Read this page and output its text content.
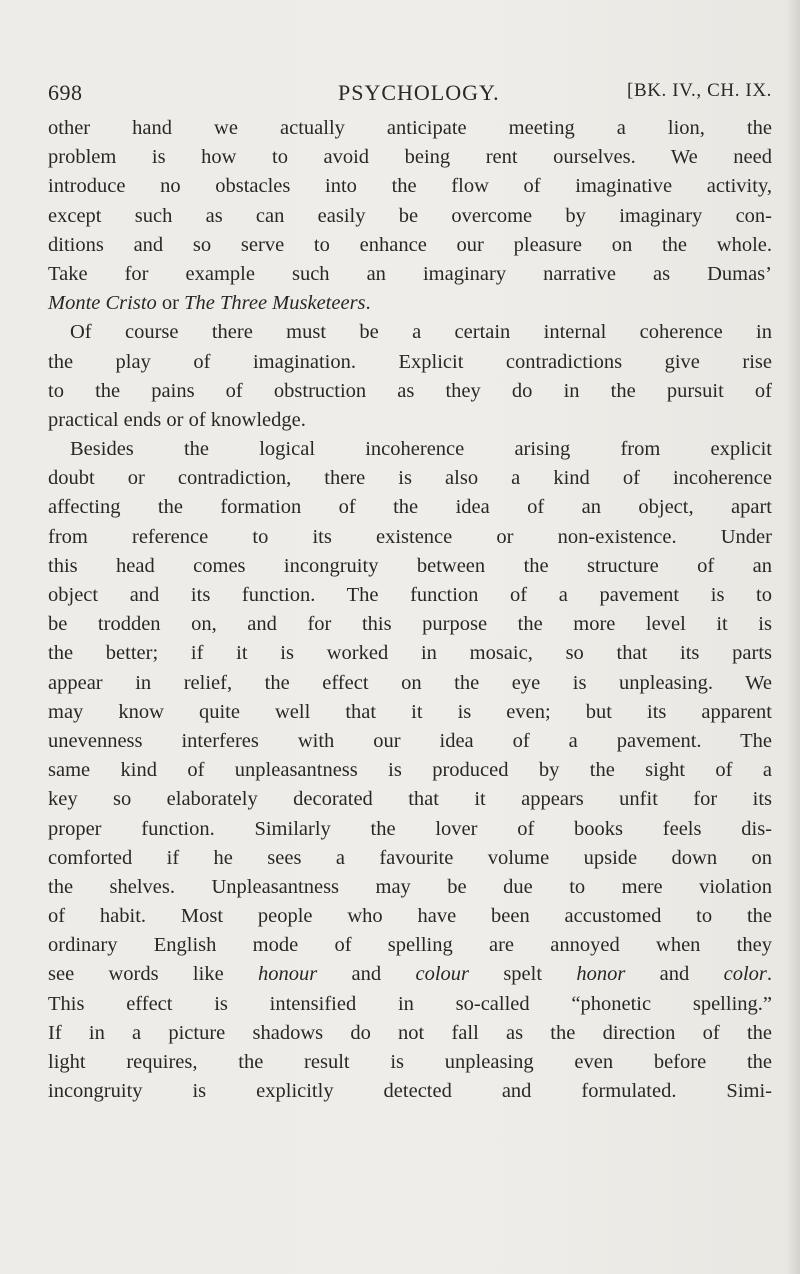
698	PSYCHOLOGY.	[BK. IV., CH. IX.
other hand we actually anticipate meeting a lion, the
problem is how to avoid being rent ourselves. We need
introduce no obstacles into the flow of imaginative activity,
except such as can easily be overcome by imaginary con-
ditions and so serve to enhance our pleasure on the whole.
Take for example such an imaginary narrative as Dumas’
Monte Cristo or The Three Musketeers.
Of course there must be a certain internal coherence in
the play of imagination. Explicit contradictions give rise
to the pains of obstruction as they do in the pursuit of
practical ends or of knowledge.
Besides the logical incoherence arising from explicit
doubt or contradiction, there is also a kind of incoherence
affecting the formation of the idea of an object, apart
from reference to its existence or non-existence. Under
this head comes incongruity between the structure of an
object and its function. The function of a pavement is to
be trodden on, and for this purpose the more level it is
the better; if it is worked in mosaic, so that its parts
appear in relief, the effect on the eye is unpleasing. We
may know quite well that it is even; but its apparent
unevenness interferes with our idea of a pavement. The
same kind of unpleasantness is produced by the sight of a
key so elaborately decorated that it appears unfit for its
proper function. Similarly the lover of books feels dis-
comforted if he sees a favourite volume upside down on
the shelves. Unpleasantness may be due to mere violation
of habit. Most people who have been accustomed to the
ordinary English mode of spelling are annoyed when they
see words like honour and colour spelt honor and color.
This effect is intensified in so-called “phonetic spelling.”
If in a picture shadows do not fall as the direction of the
light requires, the result is unpleasing even before the
incongruity is explicitly detected and formulated. Simi-
